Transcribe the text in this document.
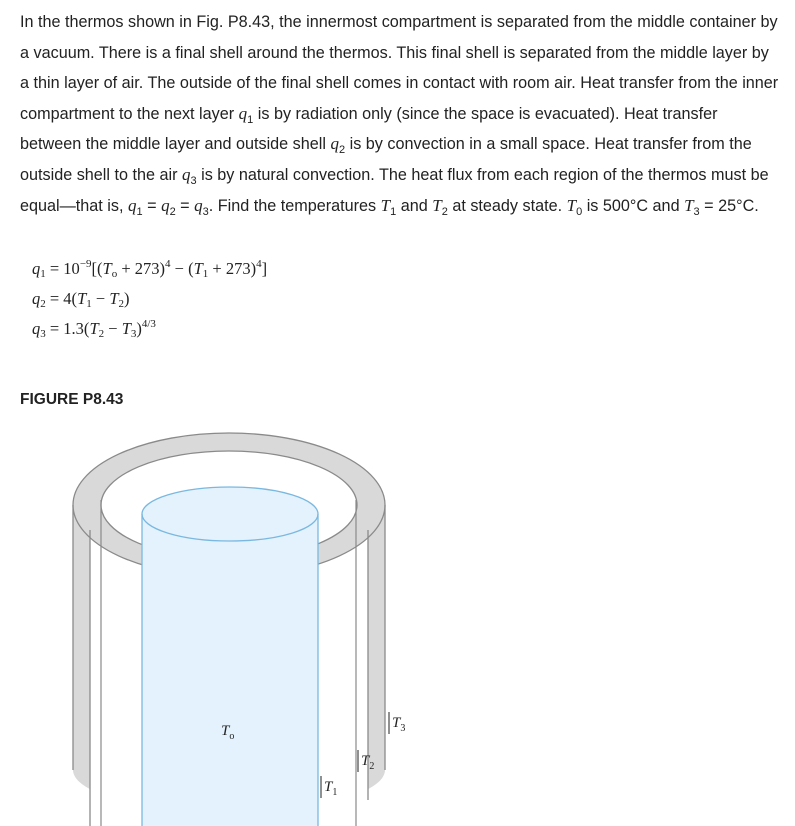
In the thermos shown in Fig. P8.43, the innermost compartment is separated from the middle container by a vacuum. There is a final shell around the thermos. This final shell is separated from the middle layer by a thin layer of air. The outside of the final shell comes in contact with room air. Heat transfer from the inner compartment to the next layer $q_1$ is by radiation only (since the space is evacuated). Heat transfer between the middle layer and outside shell $q_2$ is by convection in a small space. Heat transfer from the outside shell to the air $q_3$ is by natural convection. The heat flux from each region of the thermos must be equal—that is, $q_1 = q_2 = q_3$. Find the temperatures $T_1$ and $T_2$ at steady state. $T_0$ is 500°C and $T_3 = 25^\circ C$.
$q_1 = 10^{-9}[(T_o + 273)^4 - (T_1 + 273)^4]$
$q_2 = 4(T_1 - T_2)$
$q_3 = 1.3(T_2 - T_3)^{4/3}$
FIGURE P8.43
$T_o$
$T_1$
$T_2$
$T_3$
